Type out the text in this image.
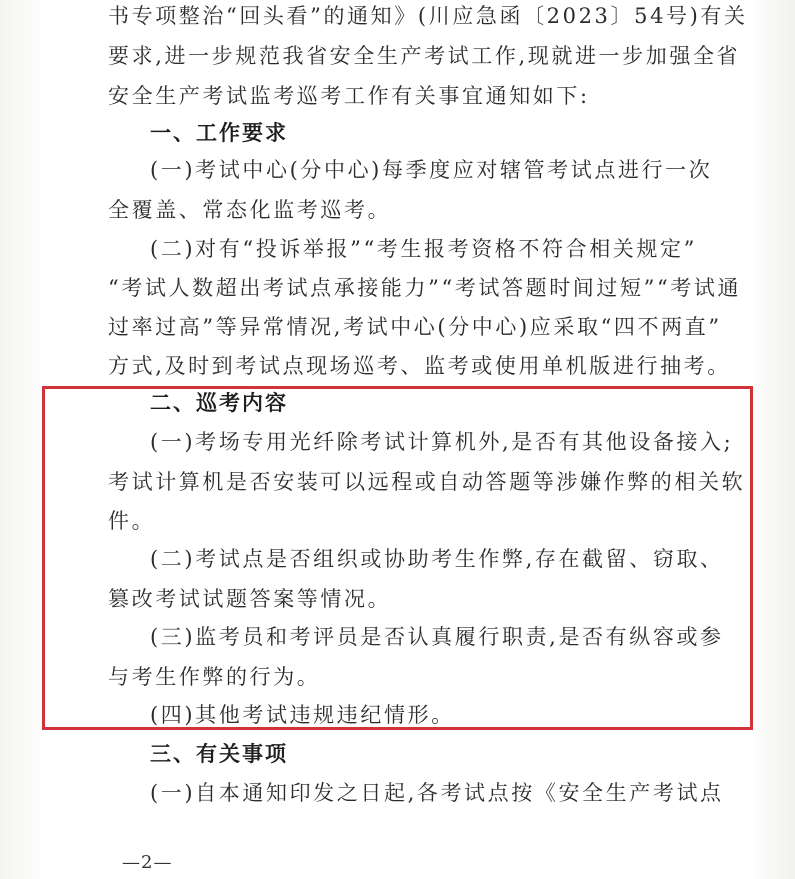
书专项整治“回头看”的通知》(川应急函〔2023〕54号)有关
要求,进一步规范我省安全生产考试工作,现就进一步加强全省
安全生产考试监考巡考工作有关事宜通知如下:
一、工作要求
(一)考试中心(分中心)每季度应对辖管考试点进行一次
全覆盖、常态化监考巡考。
(二)对有“投诉举报”“考生报考资格不符合相关规定”
“考试人数超出考试点承接能力”“考试答题时间过短”“考试通
过率过高”等异常情况,考试中心(分中心)应采取“四不两直”
方式,及时到考试点现场巡考、监考或使用单机版进行抽考。
二、巡考内容
(一)考场专用光纤除考试计算机外,是否有其他设备接入;
考试计算机是否安装可以远程或自动答题等涉嫌作弊的相关软
件。
(二)考试点是否组织或协助考生作弊,存在截留、窃取、
篡改考试试题答案等情况。
(三)监考员和考评员是否认真履行职责,是否有纵容或参
与考生作弊的行为。
(四)其他考试违规违纪情形。
三、有关事项
(一)自本通知印发之日起,各考试点按《安全生产考试点
—2—
